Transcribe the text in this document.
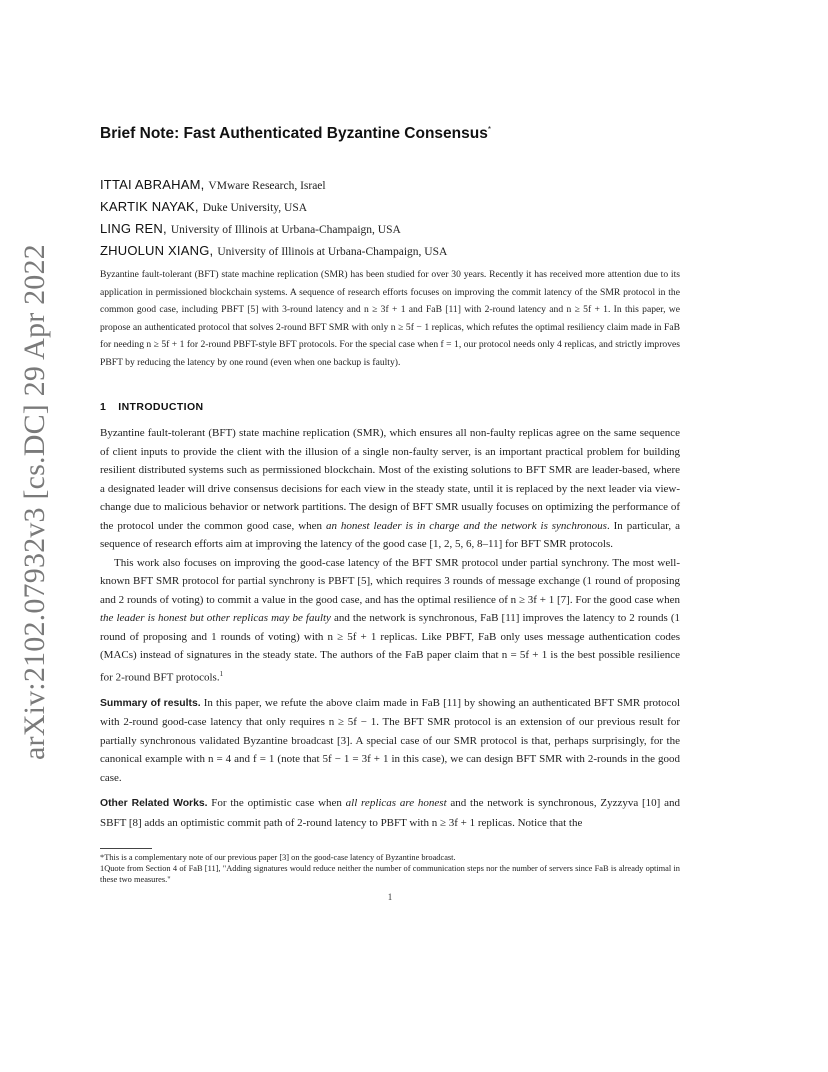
arXiv:2102.07932v3 [cs.DC] 29 Apr 2022
Brief Note: Fast Authenticated Byzantine Consensus*
ITTAI ABRAHAM, VMware Research, Israel
KARTIK NAYAK, Duke University, USA
LING REN, University of Illinois at Urbana-Champaign, USA
ZHUOLUN XIANG, University of Illinois at Urbana-Champaign, USA
Byzantine fault-tolerant (BFT) state machine replication (SMR) has been studied for over 30 years. Recently it has received more attention due to its application in permissioned blockchain systems. A sequence of research efforts focuses on improving the commit latency of the SMR protocol in the common good case, including PBFT [5] with 3-round latency and n ≥ 3f + 1 and FaB [11] with 2-round latency and n ≥ 5f + 1. In this paper, we propose an authenticated protocol that solves 2-round BFT SMR with only n ≥ 5f − 1 replicas, which refutes the optimal resiliency claim made in FaB for needing n ≥ 5f + 1 for 2-round PBFT-style BFT protocols. For the special case when f = 1, our protocol needs only 4 replicas, and strictly improves PBFT by reducing the latency by one round (even when one backup is faulty).
1 INTRODUCTION

Byzantine fault-tolerant (BFT) state machine replication (SMR), which ensures all non-faulty replicas agree on the same sequence of client inputs to provide the client with the illusion of a single non-faulty server, is an important practical problem for building resilient distributed systems such as permissioned blockchain. Most of the existing solutions to BFT SMR are leader-based, where a designated leader will drive consensus decisions for each view in the steady state, until it is replaced by the next leader via view-change due to malicious behavior or network partitions. The design of BFT SMR usually focuses on optimizing the performance of the protocol under the common good case, when an honest leader is in charge and the network is synchronous. In particular, a sequence of research efforts aim at improving the latency of the good case [1, 2, 5, 6, 8–11] for BFT SMR protocols.

This work also focuses on improving the good-case latency of the BFT SMR protocol under partial synchrony. The most well-known BFT SMR protocol for partial synchrony is PBFT [5], which requires 3 rounds of message exchange (1 round of proposing and 2 rounds of voting) to commit a value in the good case, and has the optimal resilience of n ≥ 3f + 1 [7]. For the good case when the leader is honest but other replicas may be faulty and the network is synchronous, FaB [11] improves the latency to 2 rounds (1 round of proposing and 1 rounds of voting) with n ≥ 5f + 1 replicas. Like PBFT, FaB only uses message authentication codes (MACs) instead of signatures in the steady state. The authors of the FaB paper claim that n = 5f + 1 is the best possible resilience for 2-round BFT protocols.$^1$

Summary of results. In this paper, we refute the above claim made in FaB [11] by showing an authenticated BFT SMR protocol with 2-round good-case latency that only requires n ≥ 5f − 1. The BFT SMR protocol is an extension of our previous result for partially synchronous validated Byzantine broadcast [3]. A special case of our SMR protocol is that, perhaps surprisingly, for the canonical example with n = 4 and f = 1 (note that 5f − 1 = 3f + 1 in this case), we can design BFT SMR with 2-rounds in the good case.

Other Related Works. For the optimistic case when all replicas are honest and the network is synchronous, Zyzzyva [10] and SBFT [8] adds an optimistic commit path of 2-round latency to PBFT with n ≥ 3f + 1 replicas. Notice that the

*This is a complementary note of our previous paper [3] on the good-case latency of Byzantine broadcast.
1Quote from Section 4 of FaB [11], "Adding signatures would reduce neither the number of communication steps nor the number of servers since FaB is already optimal in these two measures."
1
